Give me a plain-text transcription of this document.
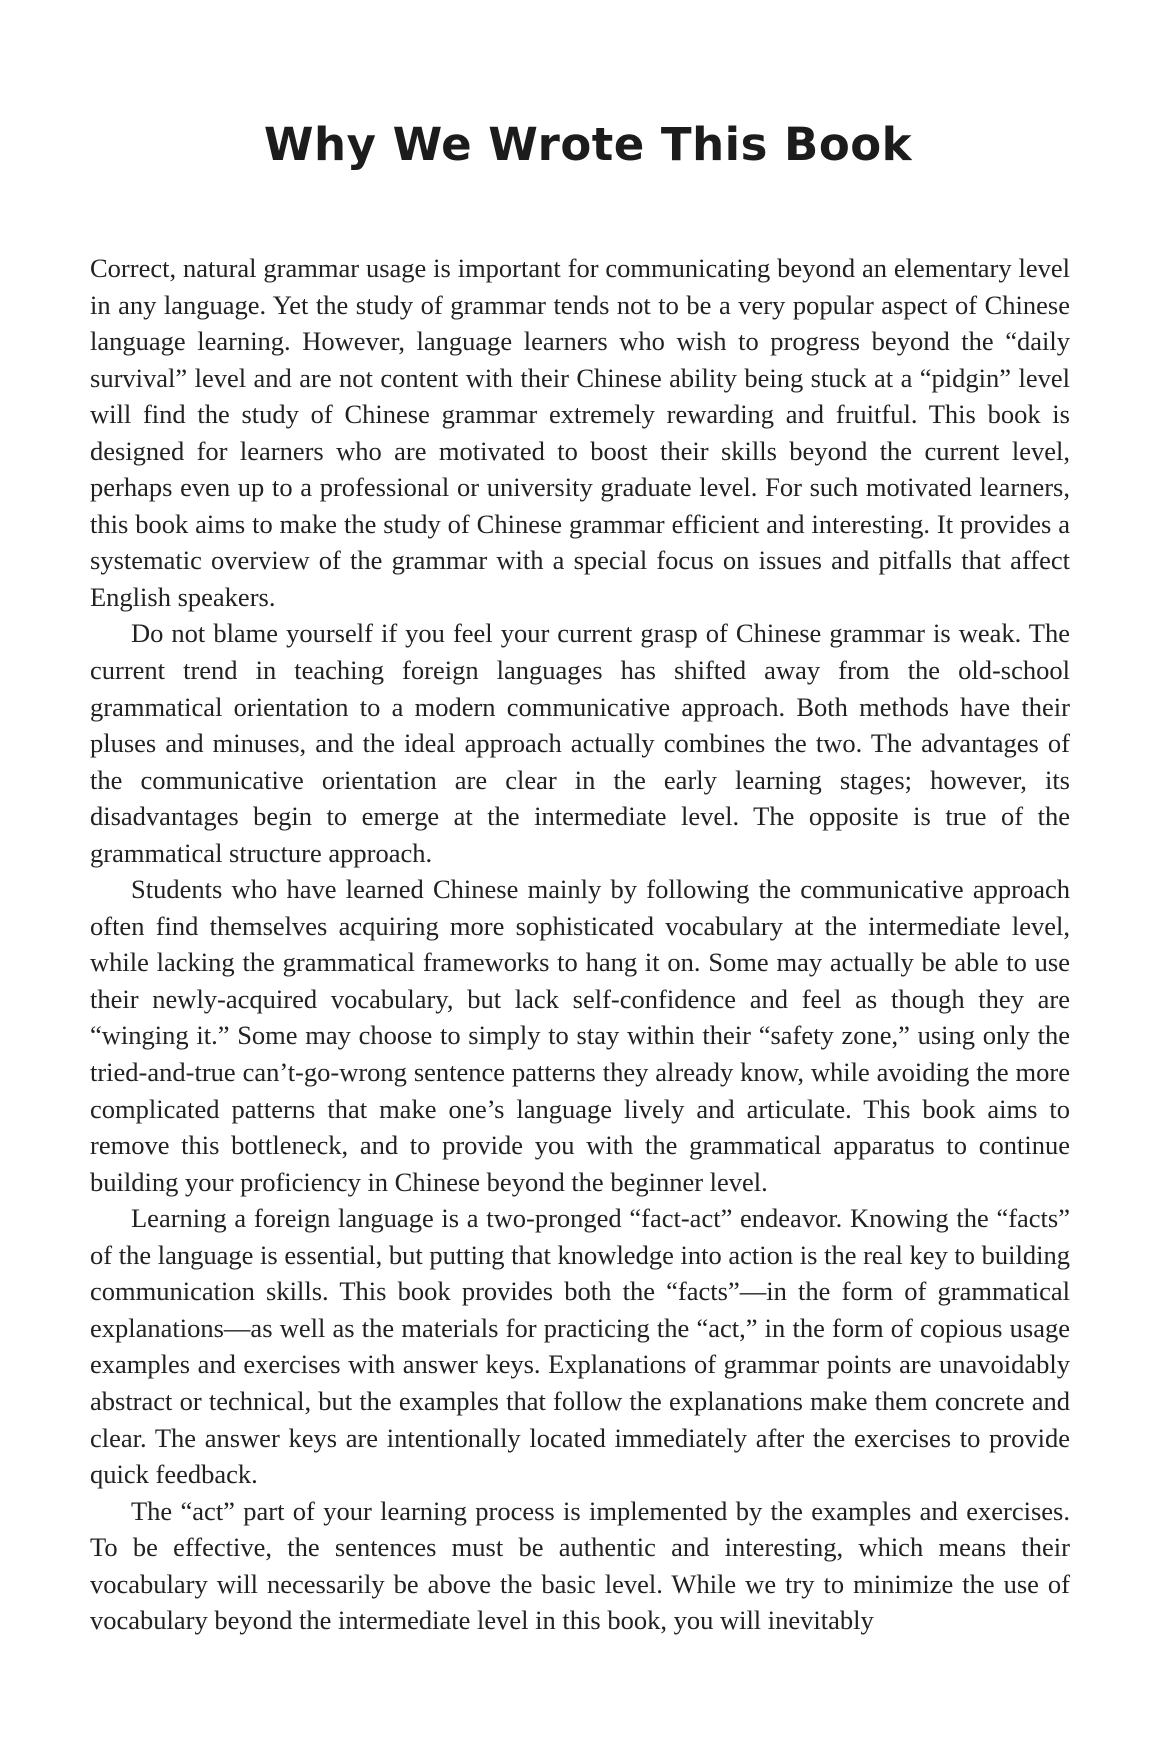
Why We Wrote This Book

Correct, natural grammar usage is important for communicating beyond an elementary level in any language. Yet the study of grammar tends not to be a very popular aspect of Chinese language learning. However, language learners who wish to progress beyond the “daily survival” level and are not content with their Chinese ability being stuck at a “pidgin” level will find the study of Chinese grammar extremely rewarding and fruitful. This book is designed for learners who are motivated to boost their skills beyond the current level, perhaps even up to a professional or university graduate level. For such motivated learners, this book aims to make the study of Chinese grammar efficient and interesting. It provides a systematic overview of the grammar with a special focus on issues and pitfalls that affect English speakers.

Do not blame yourself if you feel your current grasp of Chinese grammar is weak. The current trend in teaching foreign languages has shifted away from the old-school grammatical orientation to a modern communicative approach. Both methods have their pluses and minuses, and the ideal approach actually combines the two. The advantages of the communicative orientation are clear in the early learning stages; however, its disadvantages begin to emerge at the intermediate level. The opposite is true of the grammatical structure approach.

Students who have learned Chinese mainly by following the communicative approach often find themselves acquiring more sophisticated vocabulary at the intermediate level, while lacking the grammatical frameworks to hang it on. Some may actually be able to use their newly-acquired vocabulary, but lack self-confidence and feel as though they are “winging it.” Some may choose to simply to stay within their “safety zone,” using only the tried-and-true can’t-go-wrong sentence patterns they already know, while avoiding the more complicated patterns that make one’s language lively and articulate. This book aims to remove this bottleneck, and to provide you with the grammatical apparatus to continue building your proficiency in Chinese beyond the beginner level.

Learning a foreign language is a two-pronged “fact-act” endeavor. Knowing the “facts” of the language is essential, but putting that knowledge into action is the real key to building communication skills. This book provides both the “facts”—in the form of grammatical explanations—as well as the materials for practicing the “act,” in the form of copious usage examples and exercises with answer keys. Explanations of grammar points are unavoidably abstract or technical, but the examples that follow the explanations make them concrete and clear. The answer keys are intentionally located immediately after the exercises to provide quick feedback.

The “act” part of your learning process is implemented by the examples and exercises. To be effective, the sentences must be authentic and interesting, which means their vocabulary will necessarily be above the basic level. While we try to minimize the use of vocabulary beyond the intermediate level in this book, you will inevitably
